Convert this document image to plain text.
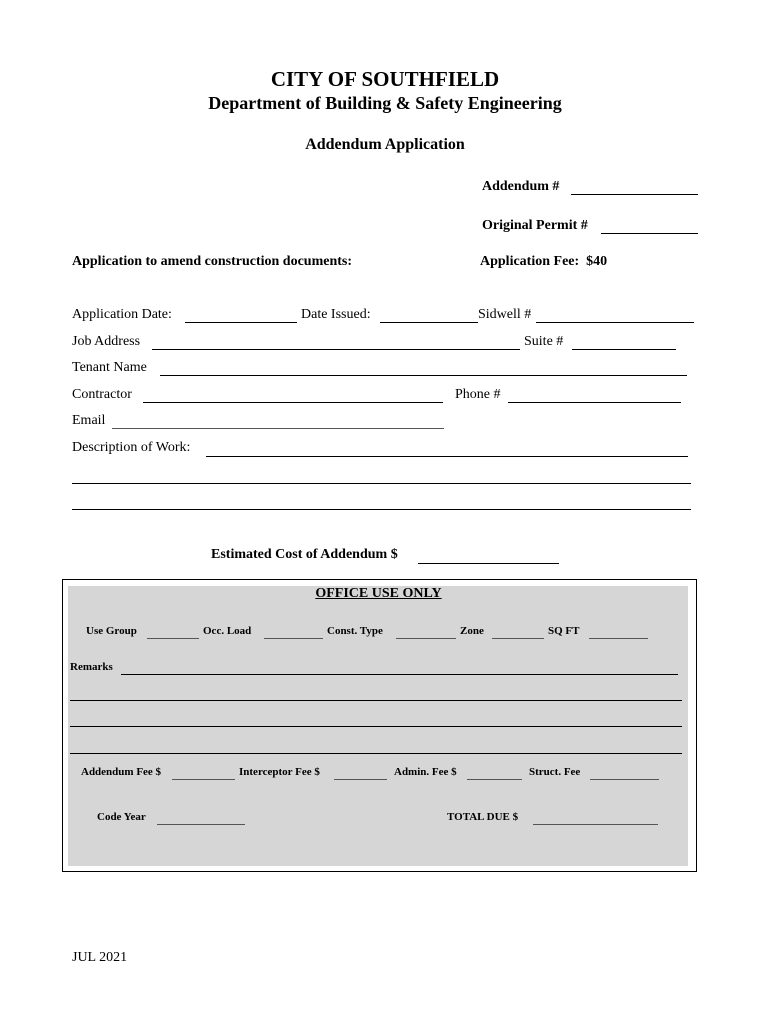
CITY OF SOUTHFIELD
Department of Building & Safety Engineering
Addendum Application
Addendum #
Original Permit #
Application to amend construction documents:	Application Fee: $40
Application Date:	Date Issued:	Sidwell #
Job Address	Suite #
Tenant Name
Contractor	Phone #
Email
Description of Work:
Estimated Cost of Addendum $
OFFICE USE ONLY
Use Group	Occ. Load	Const. Type	Zone	SQ FT
Remarks
Addendum Fee $	Interceptor Fee $	Admin. Fee $	Struct. Fee
Code Year	TOTAL DUE $
JUL 2021
